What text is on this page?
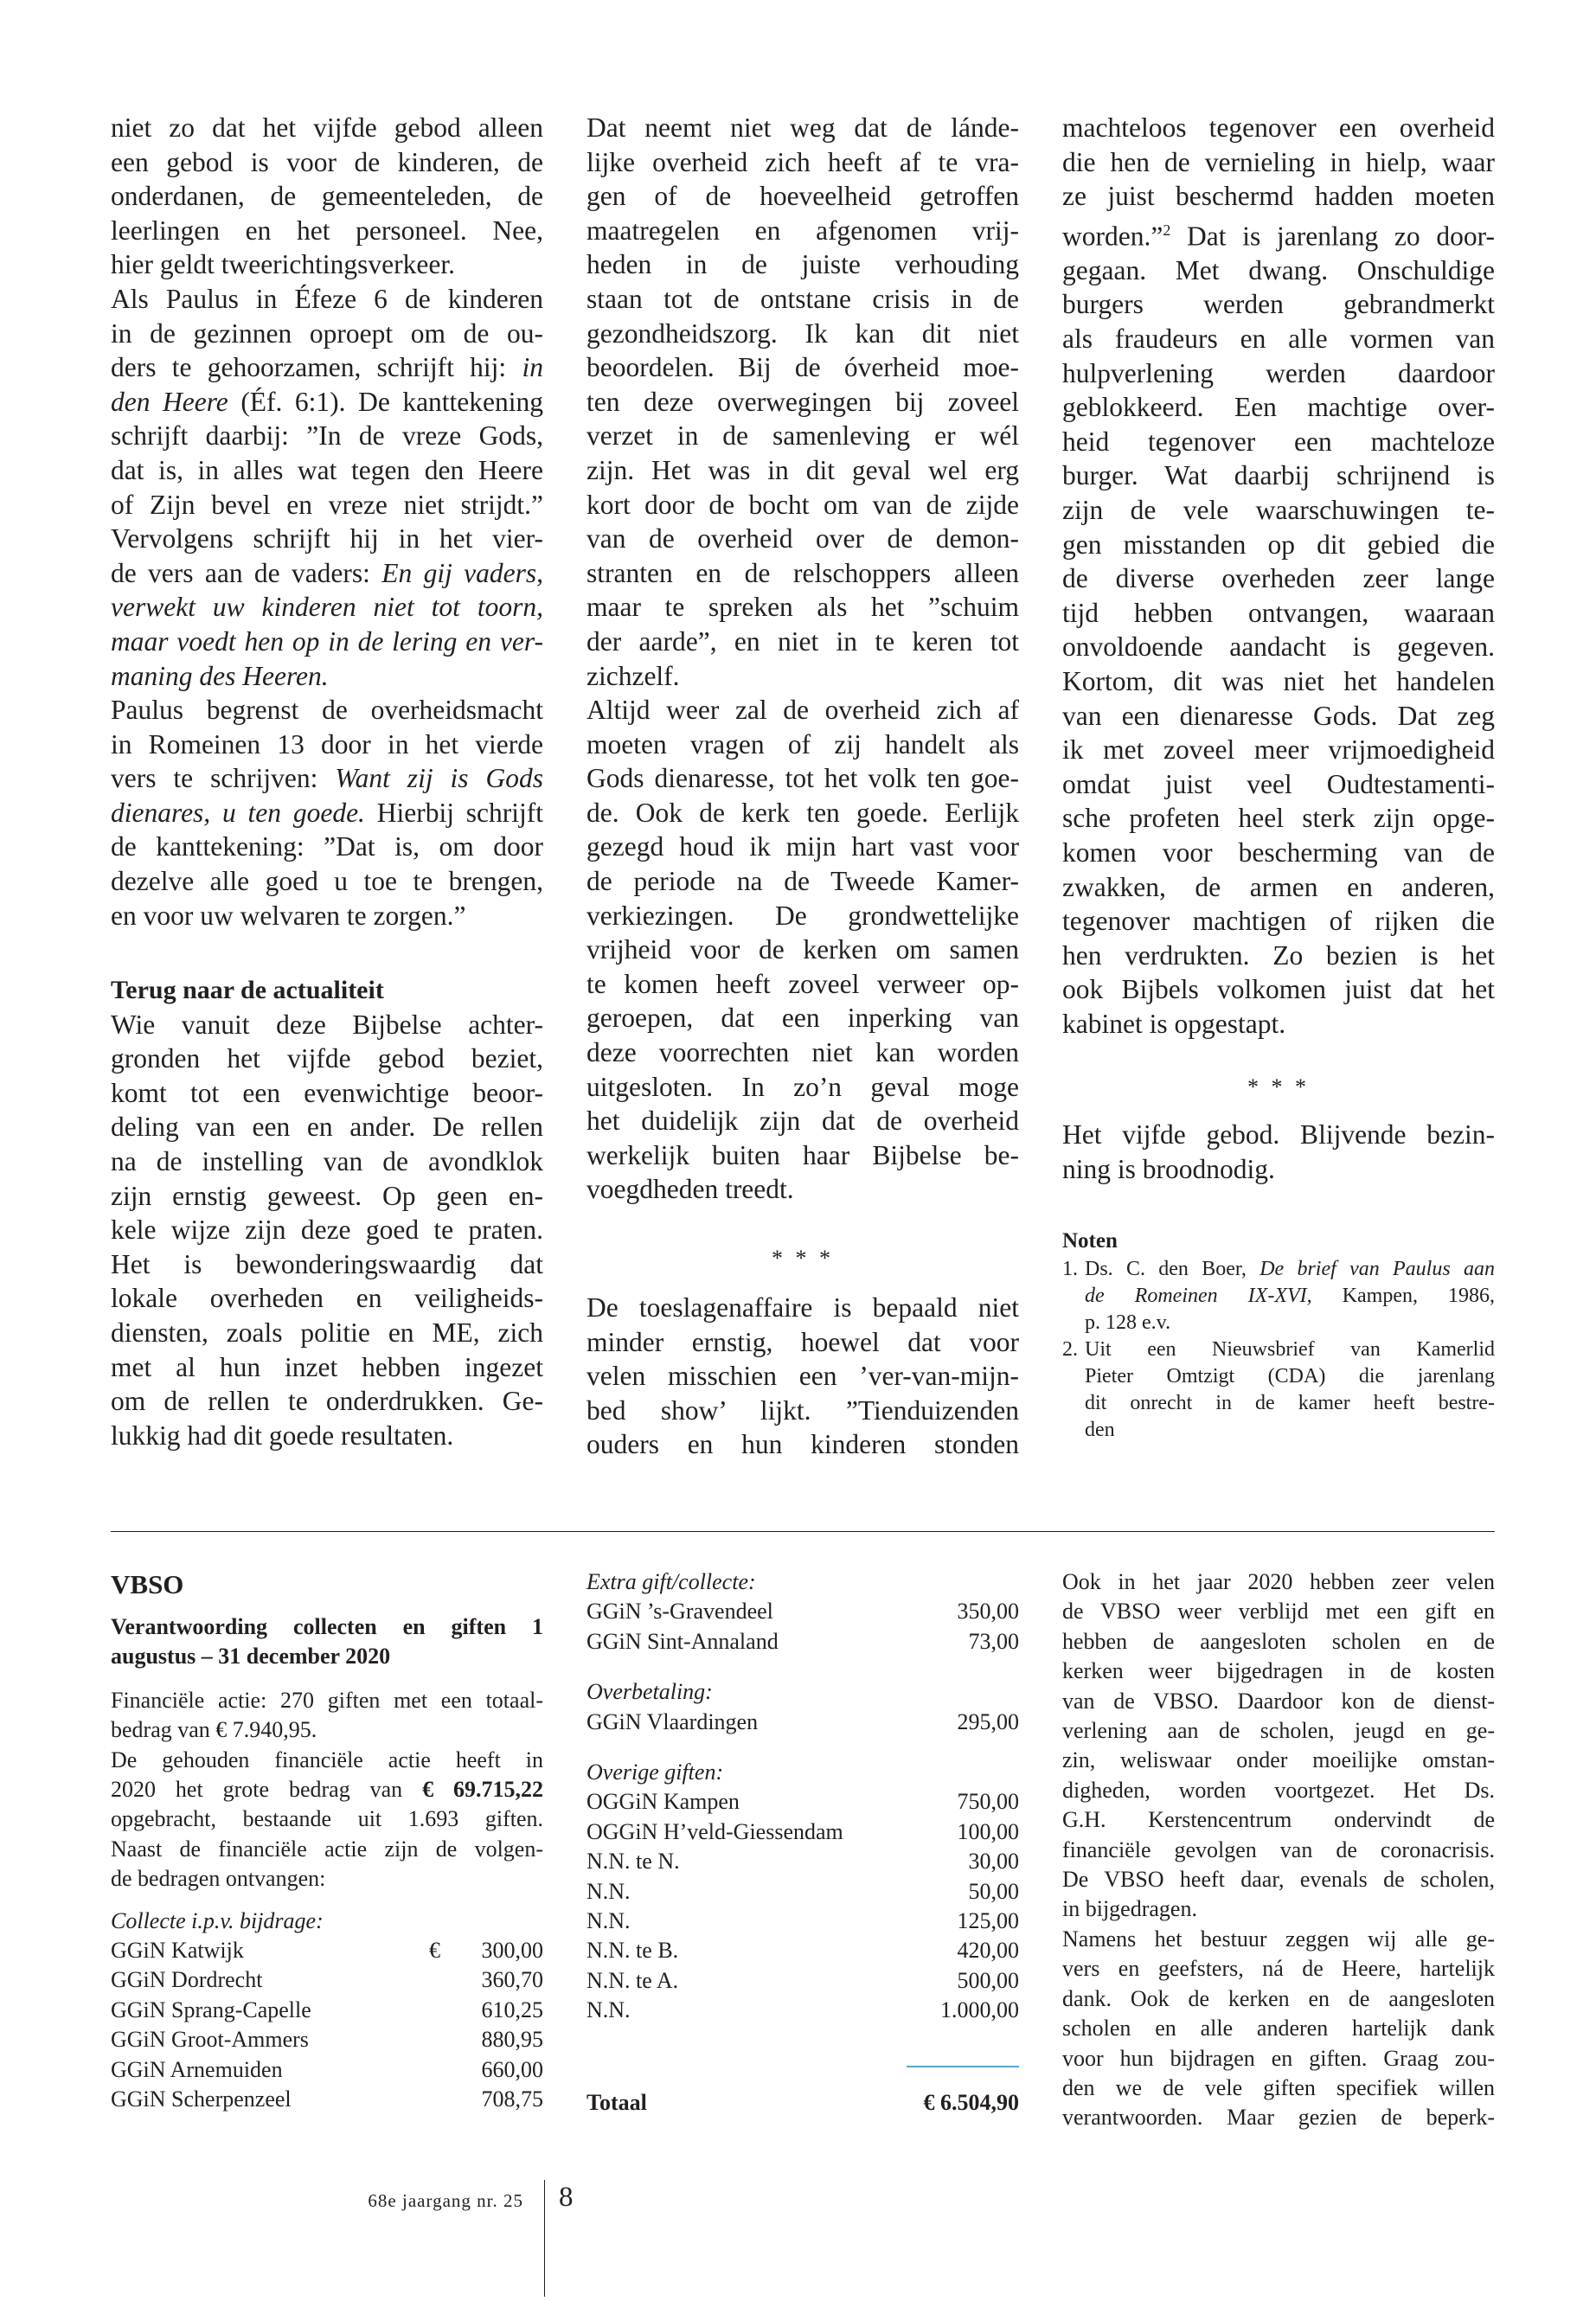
niet zo dat het vijfde gebod alleen
een gebod is voor de kinderen, de
onderdanen, de gemeenteleden, de
leerlingen en het personeel. Nee,
hier geldt tweerichtingsverkeer.
Als Paulus in Éfeze 6 de kinderen
in de gezinnen oproept om de ou-
ders te gehoorzamen, schrijft hij: in
den Heere (Éf. 6:1). De kanttekening
schrijft daarbij: ”In de vreze Gods,
dat is, in alles wat tegen den Heere
of Zijn bevel en vreze niet strijdt.”
Vervolgens schrijft hij in het vier-
de vers aan de vaders: En gij vaders,
verwekt uw kinderen niet tot toorn,
maar voedt hen op in de lering en ver-
maning des Heeren.
Paulus begrenst de overheidsmacht
in Romeinen 13 door in het vierde
vers te schrijven: Want zij is Gods
dienares, u ten goede. Hierbij schrijft
de kanttekening: ”Dat is, om door
dezelve alle goed u toe te brengen,
en voor uw welvaren te zorgen.”
Terug naar de actualiteit
Wie vanuit deze Bijbelse achter-
gronden het vijfde gebod beziet,
komt tot een evenwichtige beoor-
deling van een en ander. De rellen
na de instelling van de avondklok
zijn ernstig geweest. Op geen en-
kele wijze zijn deze goed te praten.
Het is bewonderingswaardig dat
lokale overheden en veiligheids-
diensten, zoals politie en ME, zich
met al hun inzet hebben ingezet
om de rellen te onderdrukken. Ge-
lukkig had dit goede resultaten.
Dat neemt niet weg dat de lánde-
lijke overheid zich heeft af te vra-
gen of de hoeveelheid getroffen
maatregelen en afgenomen vrij-
heden in de juiste verhouding
staan tot de ontstane crisis in de
gezondheidszorg. Ik kan dit niet
beoordelen. Bij de óverheid moe-
ten deze overwegingen bij zoveel
verzet in de samenleving er wél
zijn. Het was in dit geval wel erg
kort door de bocht om van de zijde
van de overheid over de demon-
stranten en de relschoppers alleen
maar te spreken als het ”schuim
der aarde”, en niet in te keren tot
zichzelf.
Altijd weer zal de overheid zich af
moeten vragen of zij handelt als
Gods dienaresse, tot het volk ten goe-
de. Ook de kerk ten goede. Eerlijk
gezegd houd ik mijn hart vast voor
de periode na de Tweede Kamer-
verkiezingen. De grondwettelijke
vrijheid voor de kerken om samen
te komen heeft zoveel verweer op-
geroepen, dat een inperking van
deze voorrechten niet kan worden
uitgesloten. In zo’n geval moge
het duidelijk zijn dat de overheid
werkelijk buiten haar Bijbelse be-
voegdheden treedt.
* * *
De toeslagenaffaire is bepaald niet
minder ernstig, hoewel dat voor
velen misschien een ’ver-van-mijn-
bed show’ lijkt. ”Tienduizenden
ouders en hun kinderen stonden
machteloos tegenover een overheid
die hen de vernieling in hielp, waar
ze juist beschermd hadden moeten
worden.”$^2$ Dat is jarenlang zo door-
gegaan. Met dwang. Onschuldige
burgers werden gebrandmerkt
als fraudeurs en alle vormen van
hulpverlening werden daardoor
geblokkeerd. Een machtige over-
heid tegenover een machteloze
burger. Wat daarbij schrijnend is
zijn de vele waarschuwingen te-
gen misstanden op dit gebied die
de diverse overheden zeer lange
tijd hebben ontvangen, waaraan
onvoldoende aandacht is gegeven.
Kortom, dit was niet het handelen
van een dienaresse Gods. Dat zeg
ik met zoveel meer vrijmoedigheid
omdat juist veel Oudtestamenti-
sche profeten heel sterk zijn opge-
komen voor bescherming van de
zwakken, de armen en anderen,
tegenover machtigen of rijken die
hen verdrukten. Zo bezien is het
ook Bijbels volkomen juist dat het
kabinet is opgestapt.
* * *
Het vijfde gebod. Blijvende bezin-
ning is broodnodig.
Noten
1. Ds. C. den Boer, De brief van Paulus aan
de Romeinen IX-XVI, Kampen, 1986,
p. 128 e.v.
2. Uit een Nieuwsbrief van Kamerlid
Pieter Omtzigt (CDA) die jarenlang
dit onrecht in de kamer heeft bestre-
den
VBSO
Verantwoording collecten en giften 1
augustus – 31 december 2020
Financiële actie: 270 giften met een totaal-
bedrag van € 7.940,95.
De gehouden financiële actie heeft in
2020 het grote bedrag van € 69.715,22
opgebracht, bestaande uit 1.693 giften.
Naast de financiële actie zijn de volgen-
de bedragen ontvangen:
Collecte i.p.v. bijdrage:
GGiN Katwijk	€ 300,00
GGiN Dordrecht	360,70
GGiN Sprang-Capelle	610,25
GGiN Groot-Ammers	880,95
GGiN Arnemuiden	660,00
GGiN Scherpenzeel	708,75
Extra gift/collecte:
GGiN ’s-Gravendeel	350,00
GGiN Sint-Annaland	73,00
Overbetaling:
GGiN Vlaardingen	295,00
Overige giften:
OGGiN Kampen	750,00
OGGiN H’veld-Giessendam	100,00
N.N. te N.	30,00
N.N.	50,00
N.N.	125,00
N.N. te B.	420,00
N.N. te A.	500,00
N.N.	1.000,00
Totaal	€ 6.504,90
Ook in het jaar 2020 hebben zeer velen
de VBSO weer verblijd met een gift en
hebben de aangesloten scholen en de
kerken weer bijgedragen in de kosten
van de VBSO. Daardoor kon de dienst-
verlening aan de scholen, jeugd en ge-
zin, weliswaar onder moeilijke omstan-
digheden, worden voortgezet. Het Ds.
G.H. Kerstencentrum ondervindt de
financiële gevolgen van de coronacrisis.
De VBSO heeft daar, evenals de scholen,
in bijgedragen.
Namens het bestuur zeggen wij alle ge-
vers en geefsters, ná de Heere, hartelijk
dank. Ook de kerken en de aangesloten
scholen en alle anderen hartelijk dank
voor hun bijdragen en giften. Graag zou-
den we de vele giften specifiek willen
verantwoorden. Maar gezien de beperk-
68e jaargang nr. 25 8
